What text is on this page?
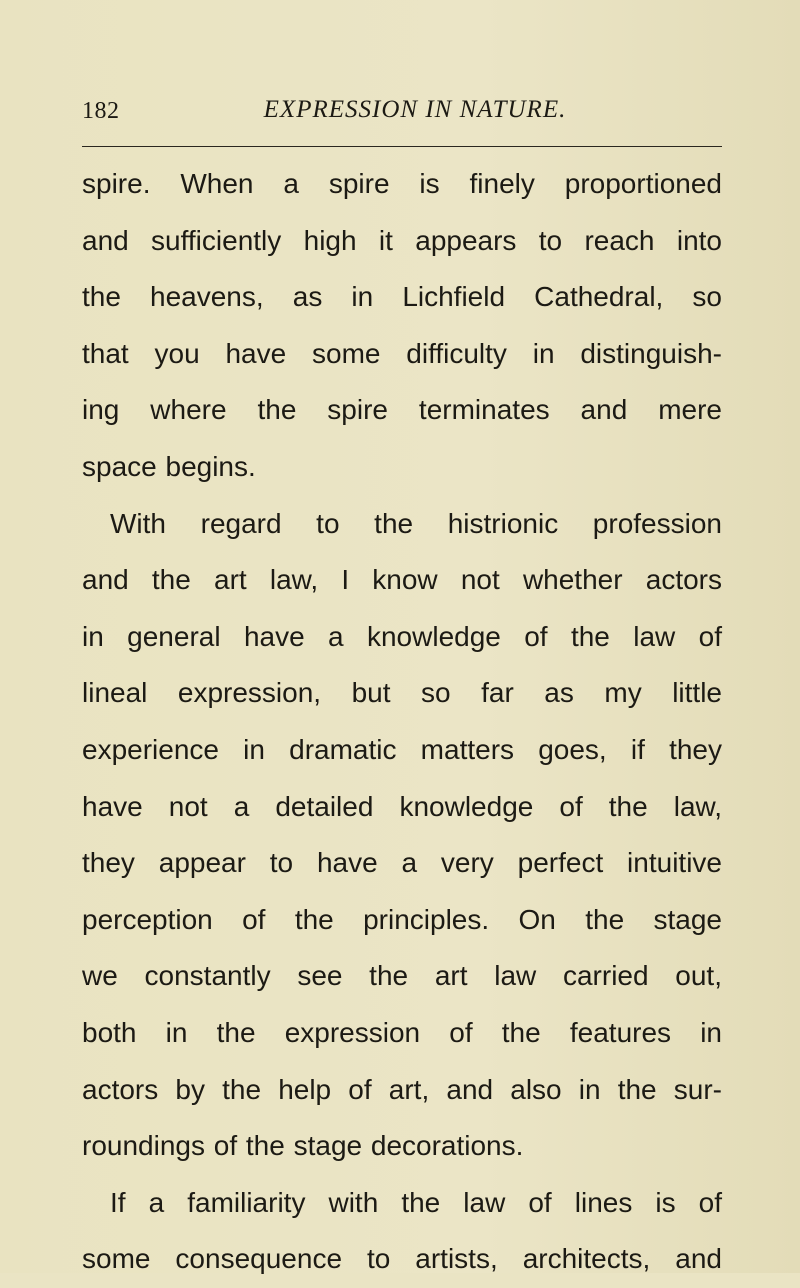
182	EXPRESSION IN NATURE.
spire. When a spire is finely proportioned
and sufficiently high it appears to reach into
the heavens, as in Lichfield Cathedral, so
that you have some difficulty in distinguish-
ing where the spire terminates and mere
space begins.
With regard to the histrionic profession
and the art law, I know not whether actors
in general have a knowledge of the law of
lineal expression, but so far as my little
experience in dramatic matters goes, if they
have not a detailed knowledge of the law,
they appear to have a very perfect intuitive
perception of the principles. On the stage
we constantly see the art law carried out,
both in the expression of the features in
actors by the help of art, and also in the sur-
roundings of the stage decorations.
If a familiarity with the law of lines is of
some consequence to artists, architects, and
